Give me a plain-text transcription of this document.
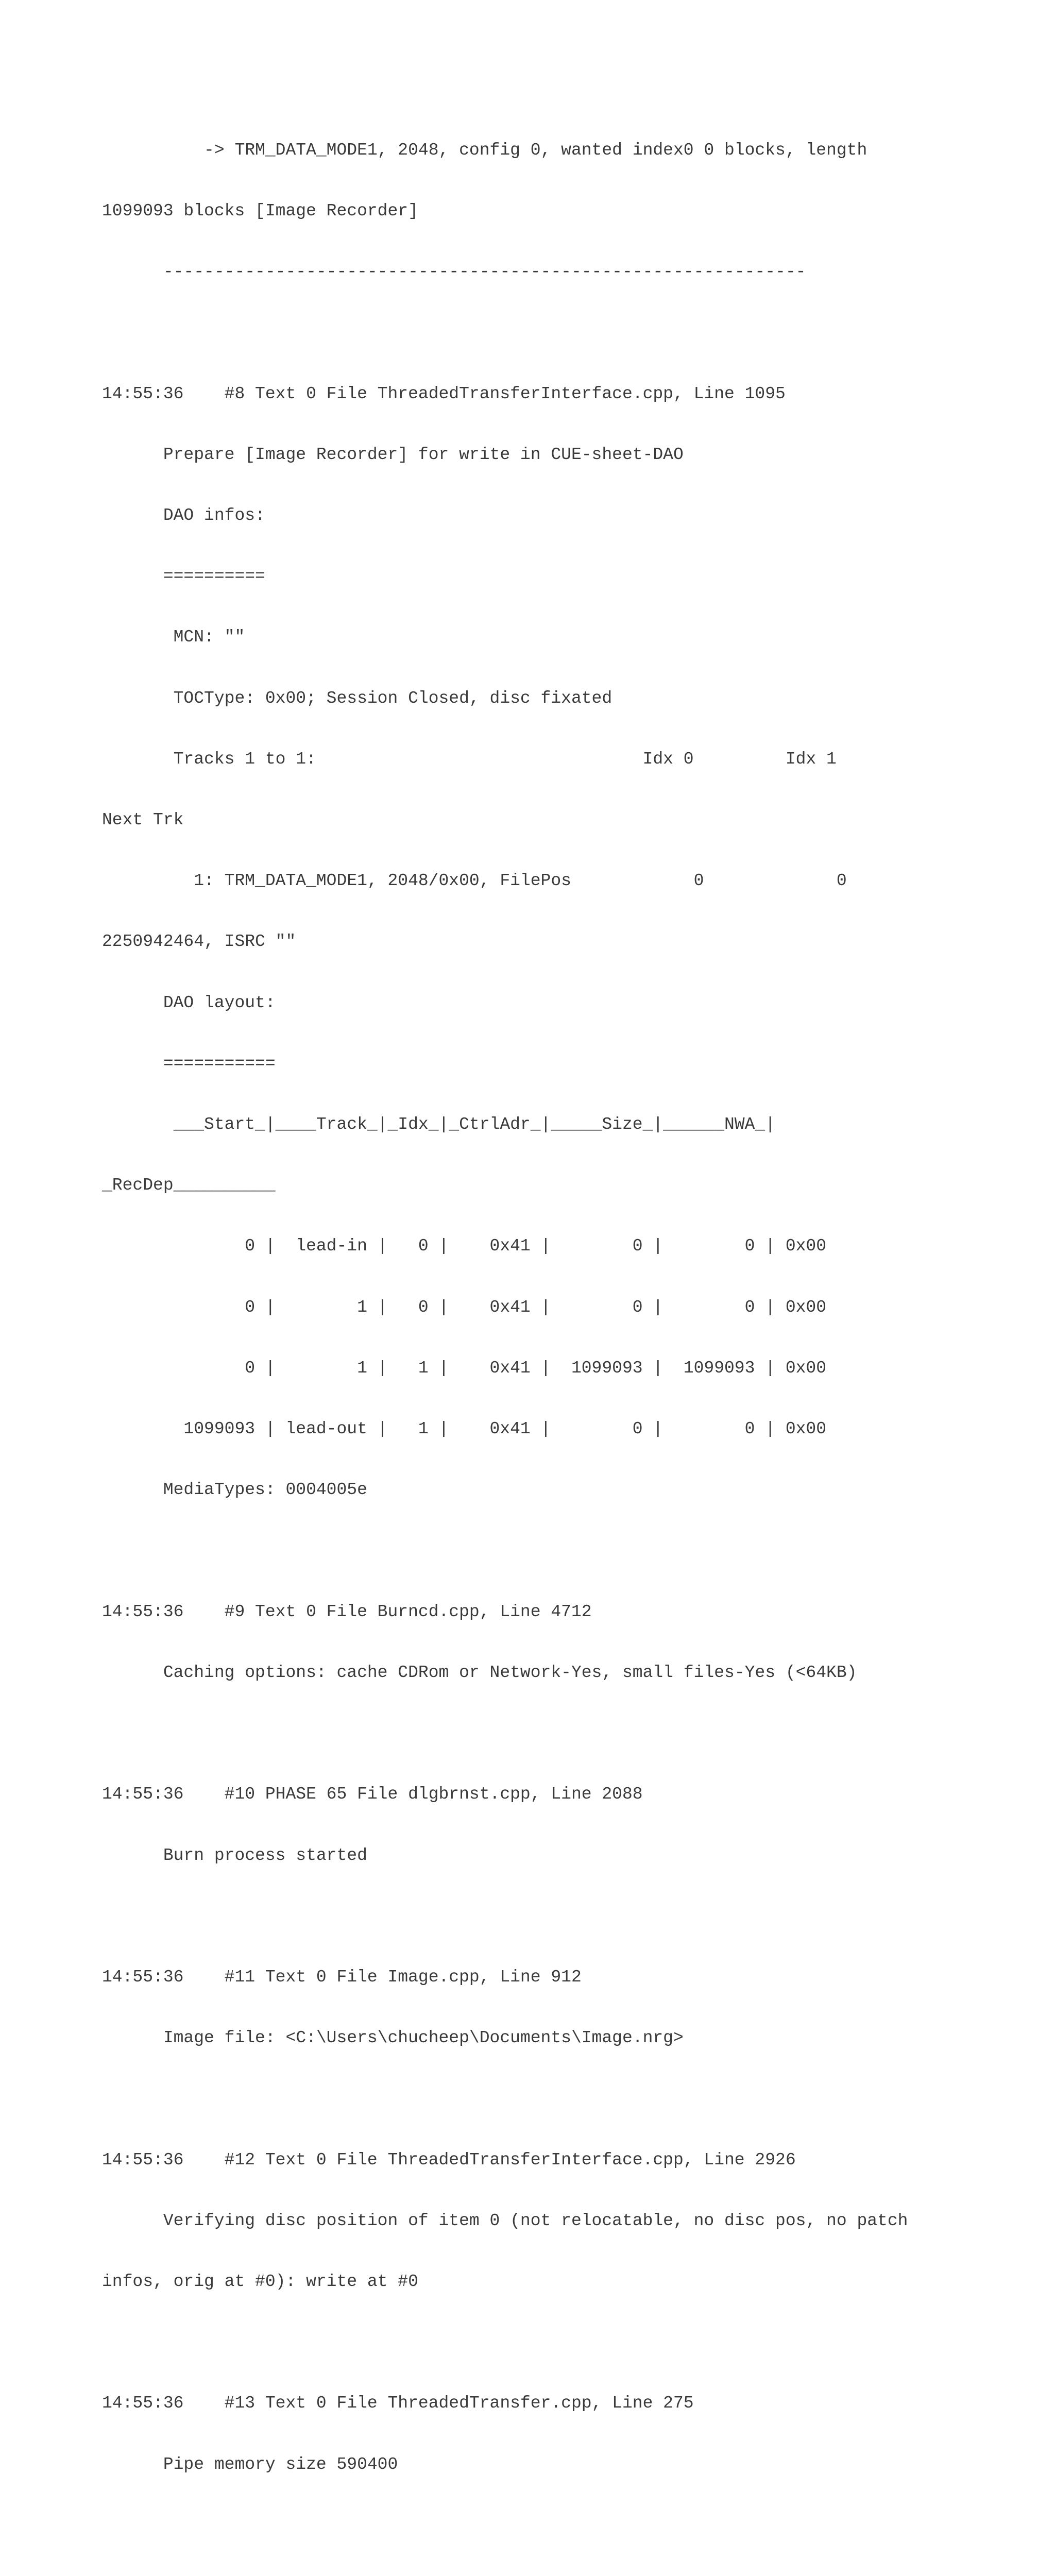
-> TRM_DATA_MODE1, 2048, config 0, wanted index0 0 blocks, length

1099093 blocks [Image Recorder]

---------------------------------------------------------------

14:55:36    #8 Text 0 File ThreadedTransferInterface.cpp, Line 1095

Prepare [Image Recorder] for write in CUE-sheet-DAO

DAO infos:

==========

MCN: ""

TOCType: 0x00; Session Closed, disc fixated

Tracks 1 to 1:                                Idx 0         Idx 1

Next Trk

1: TRM_DATA_MODE1, 2048/0x00, FilePos            0             0

2250942464, ISRC ""

DAO layout:

===========

___Start_|____Track_|_Idx_|_CtrlAdr_|_____Size_|______NWA_|

_RecDep__________

0 |  lead-in |   0 |    0x41 |        0 |        0 | 0x00

0 |        1 |   0 |    0x41 |        0 |        0 | 0x00

0 |        1 |   1 |    0x41 |  1099093 |  1099093 | 0x00

1099093 | lead-out |   1 |    0x41 |        0 |        0 | 0x00

MediaTypes: 0004005e

14:55:36    #9 Text 0 File Burncd.cpp, Line 4712

Caching options: cache CDRom or Network-Yes, small files-Yes (<64KB)

14:55:36    #10 PHASE 65 File dlgbrnst.cpp, Line 2088

Burn process started

14:55:36    #11 Text 0 File Image.cpp, Line 912

Image file: <C:\Users\chucheep\Documents\Image.nrg>

14:55:36    #12 Text 0 File ThreadedTransferInterface.cpp, Line 2926

Verifying disc position of item 0 (not relocatable, no disc pos, no patch

infos, orig at #0): write at #0

14:55:36    #13 Text 0 File ThreadedTransfer.cpp, Line 275

Pipe memory size 590400
